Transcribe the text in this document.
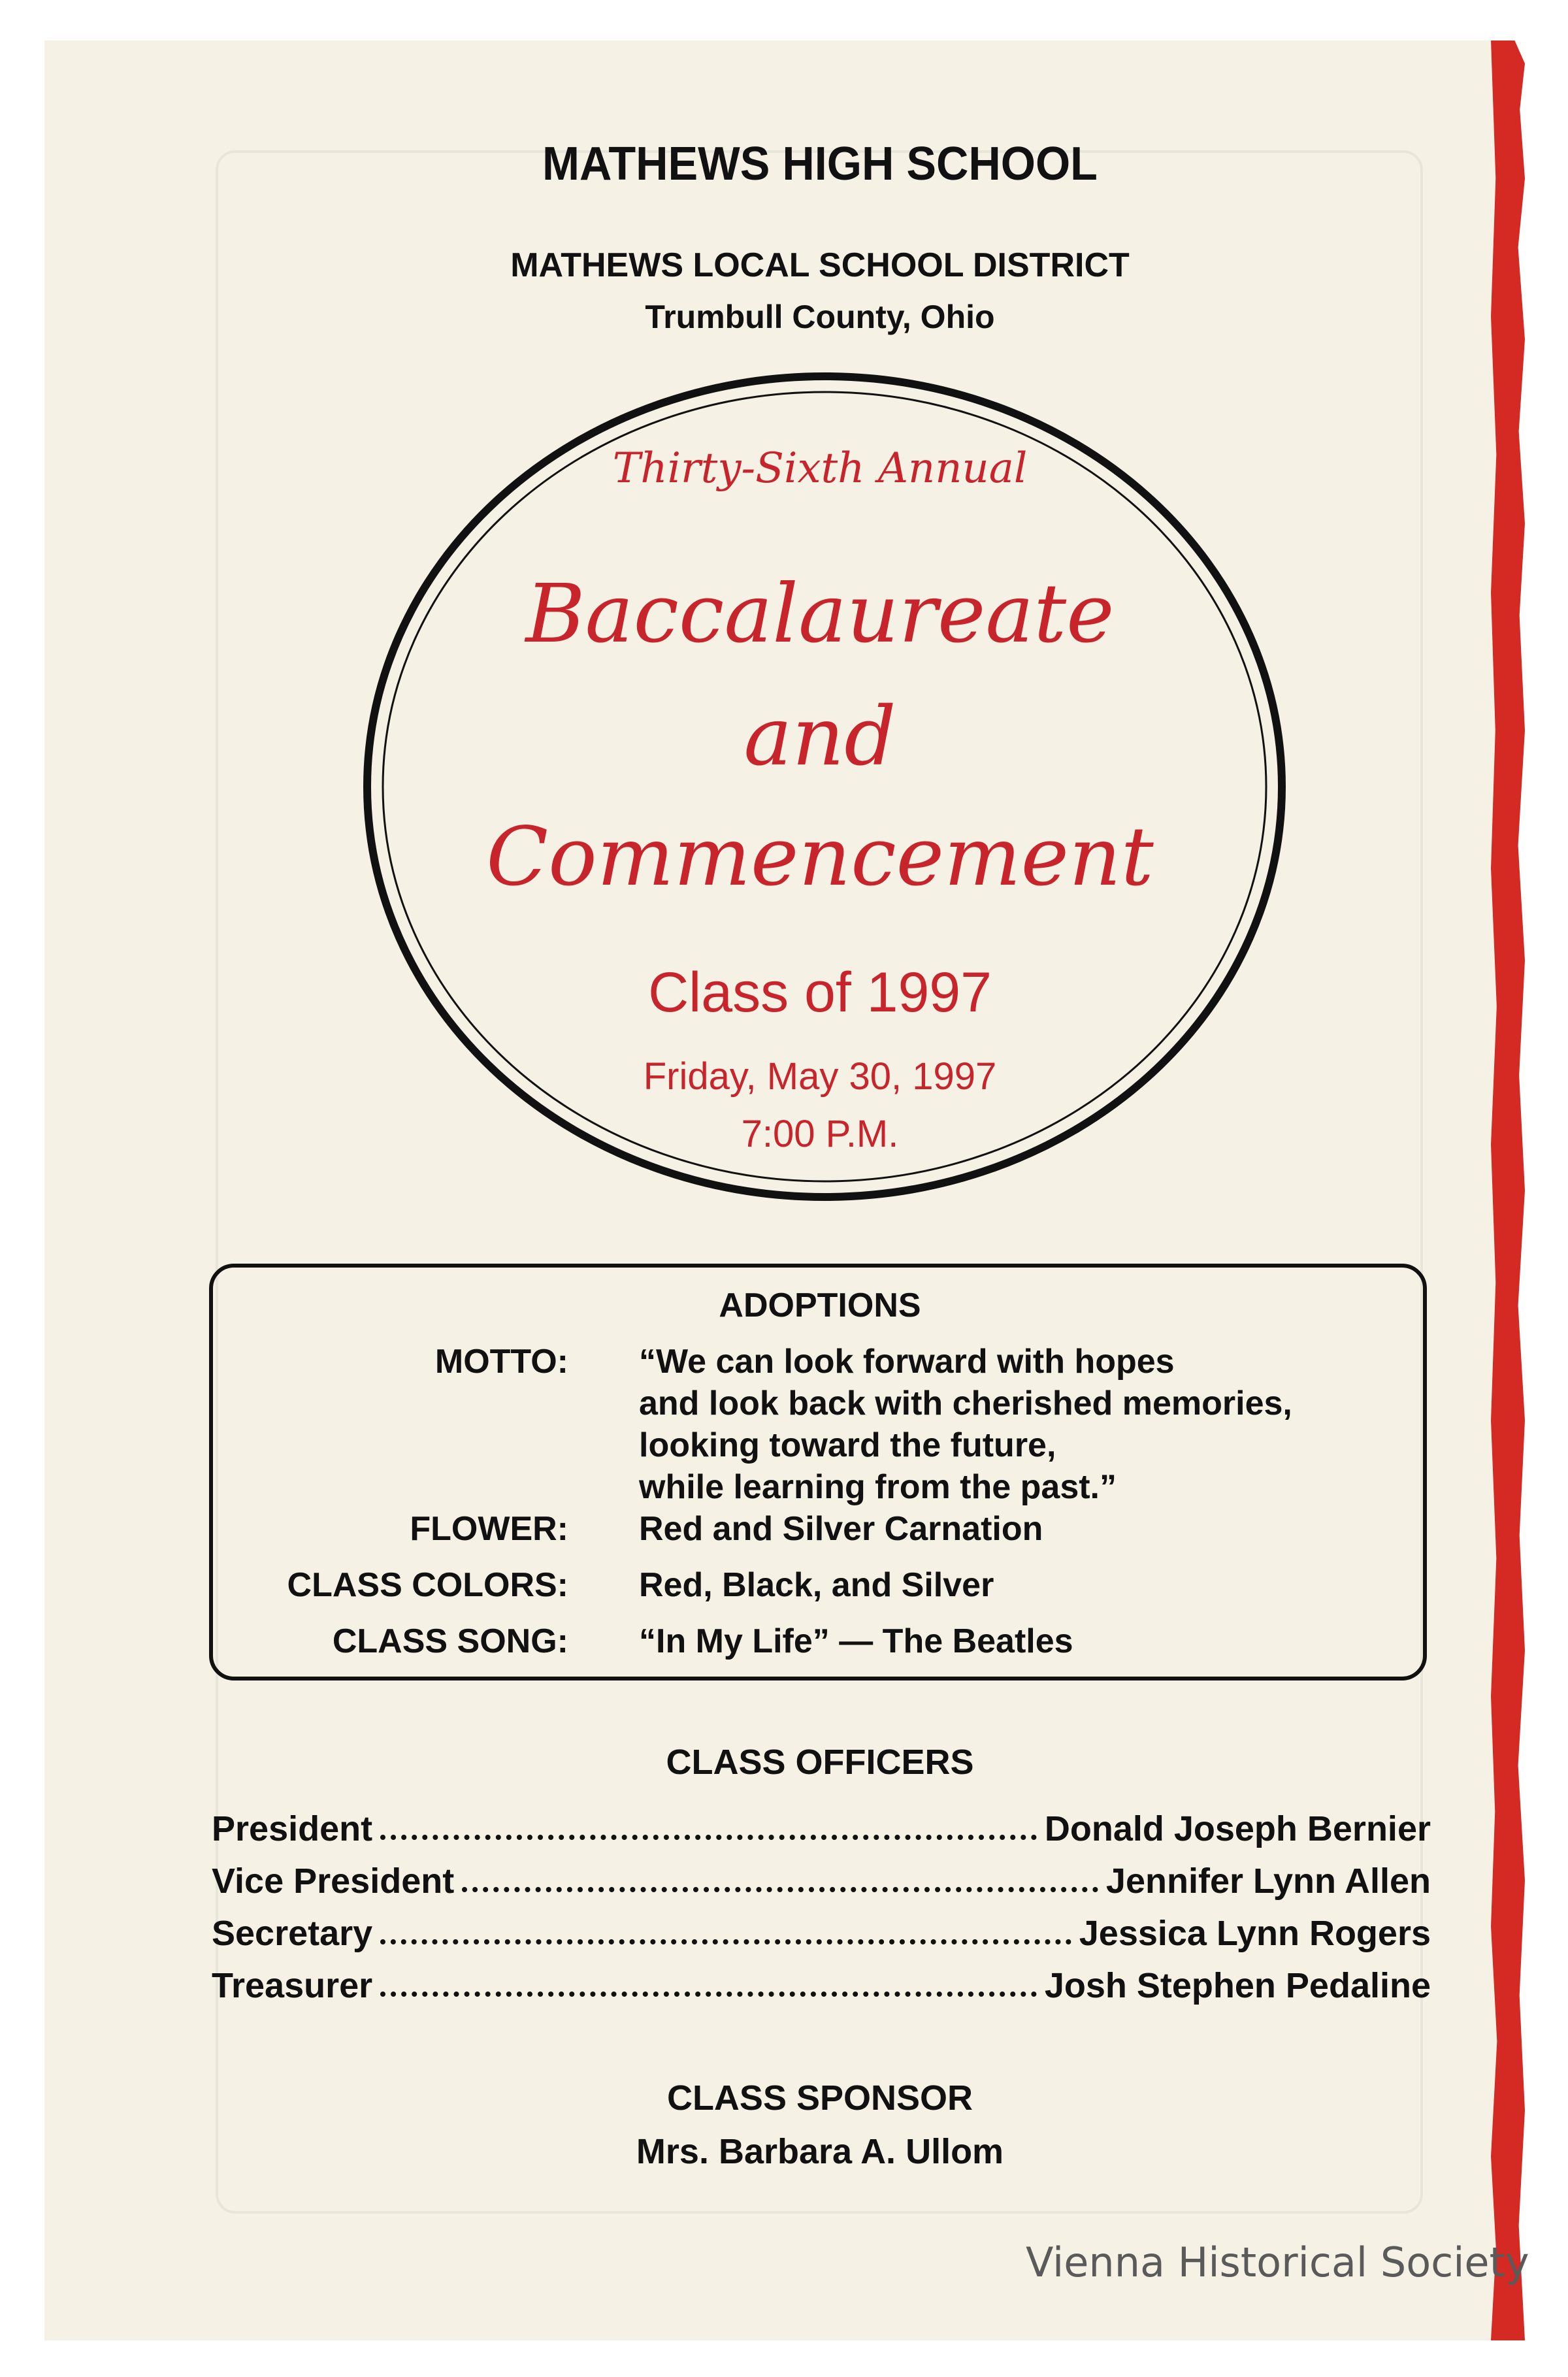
MATHEWS HIGH SCHOOL
MATHEWS LOCAL SCHOOL DISTRICT
Trumbull County, Ohio
Thirty-Sixth Annual
Baccalaureate
and
Commencement
Class of 1997
Friday, May 30, 1997
7:00 P.M.
ADOPTIONS
MOTTO: “We can look forward with hopes
and look back with cherished memories,
looking toward the future,
while learning from the past.”
FLOWER: Red and Silver Carnation
CLASS COLORS: Red, Black, and Silver
CLASS SONG: “In My Life” — The Beatles
CLASS OFFICERS
President	Donald Joseph Bernier
Vice President	Jennifer Lynn Allen
Secretary	Jessica Lynn Rogers
Treasurer	Josh Stephen Pedaline
CLASS SPONSOR
Mrs. Barbara A. Ullom
Vienna Historical Society
